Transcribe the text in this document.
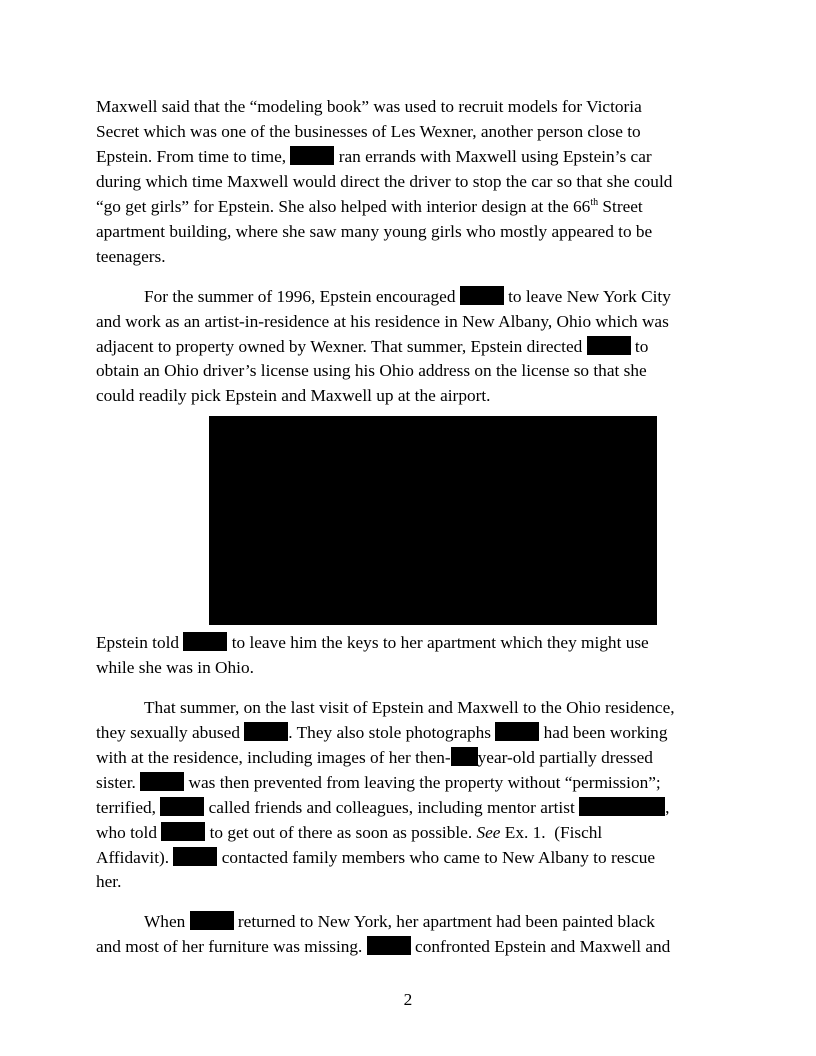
Maxwell said that the “modeling book” was used to recruit models for Victoria
Secret which was one of the businesses of Les Wexner, another person close to
Epstein. From time to time,	ran errands with Maxwell using Epstein’s car
during which time Maxwell would direct the driver to stop the car so that she could
“go get girls” for Epstein. She also helped with interior design at the 66th Street
apartment building, where she saw many young girls who mostly appeared to be
teenagers.
For the summer of 1996, Epstein encouraged	to leave New York City
and work as an artist-in-residence at his residence in New Albany, Ohio which was
adjacent to property owned by Wexner. That summer, Epstein directed	to
obtain an Ohio driver’s license using his Ohio address on the license so that she
could readily pick Epstein and Maxwell up at the airport.
Epstein told	to leave him the keys to her apartment which they might use
while she was in Ohio.
That summer, on the last visit of Epstein and Maxwell to the Ohio residence,
they sexually abused	. They also stole photographs	had been working
with at the residence, including images of her then- year-old partially dressed
sister.	was then prevented from leaving the property without “permission”;
terrified,	called friends and colleagues, including mentor artist	,
who told	to get out of there as soon as possible. See Ex. 1.  (Fischl
Affidavit).	contacted family members who came to New Albany to rescue
her.
When	returned to New York, her apartment had been painted black
and most of her furniture was missing.	confronted Epstein and Maxwell and
2
